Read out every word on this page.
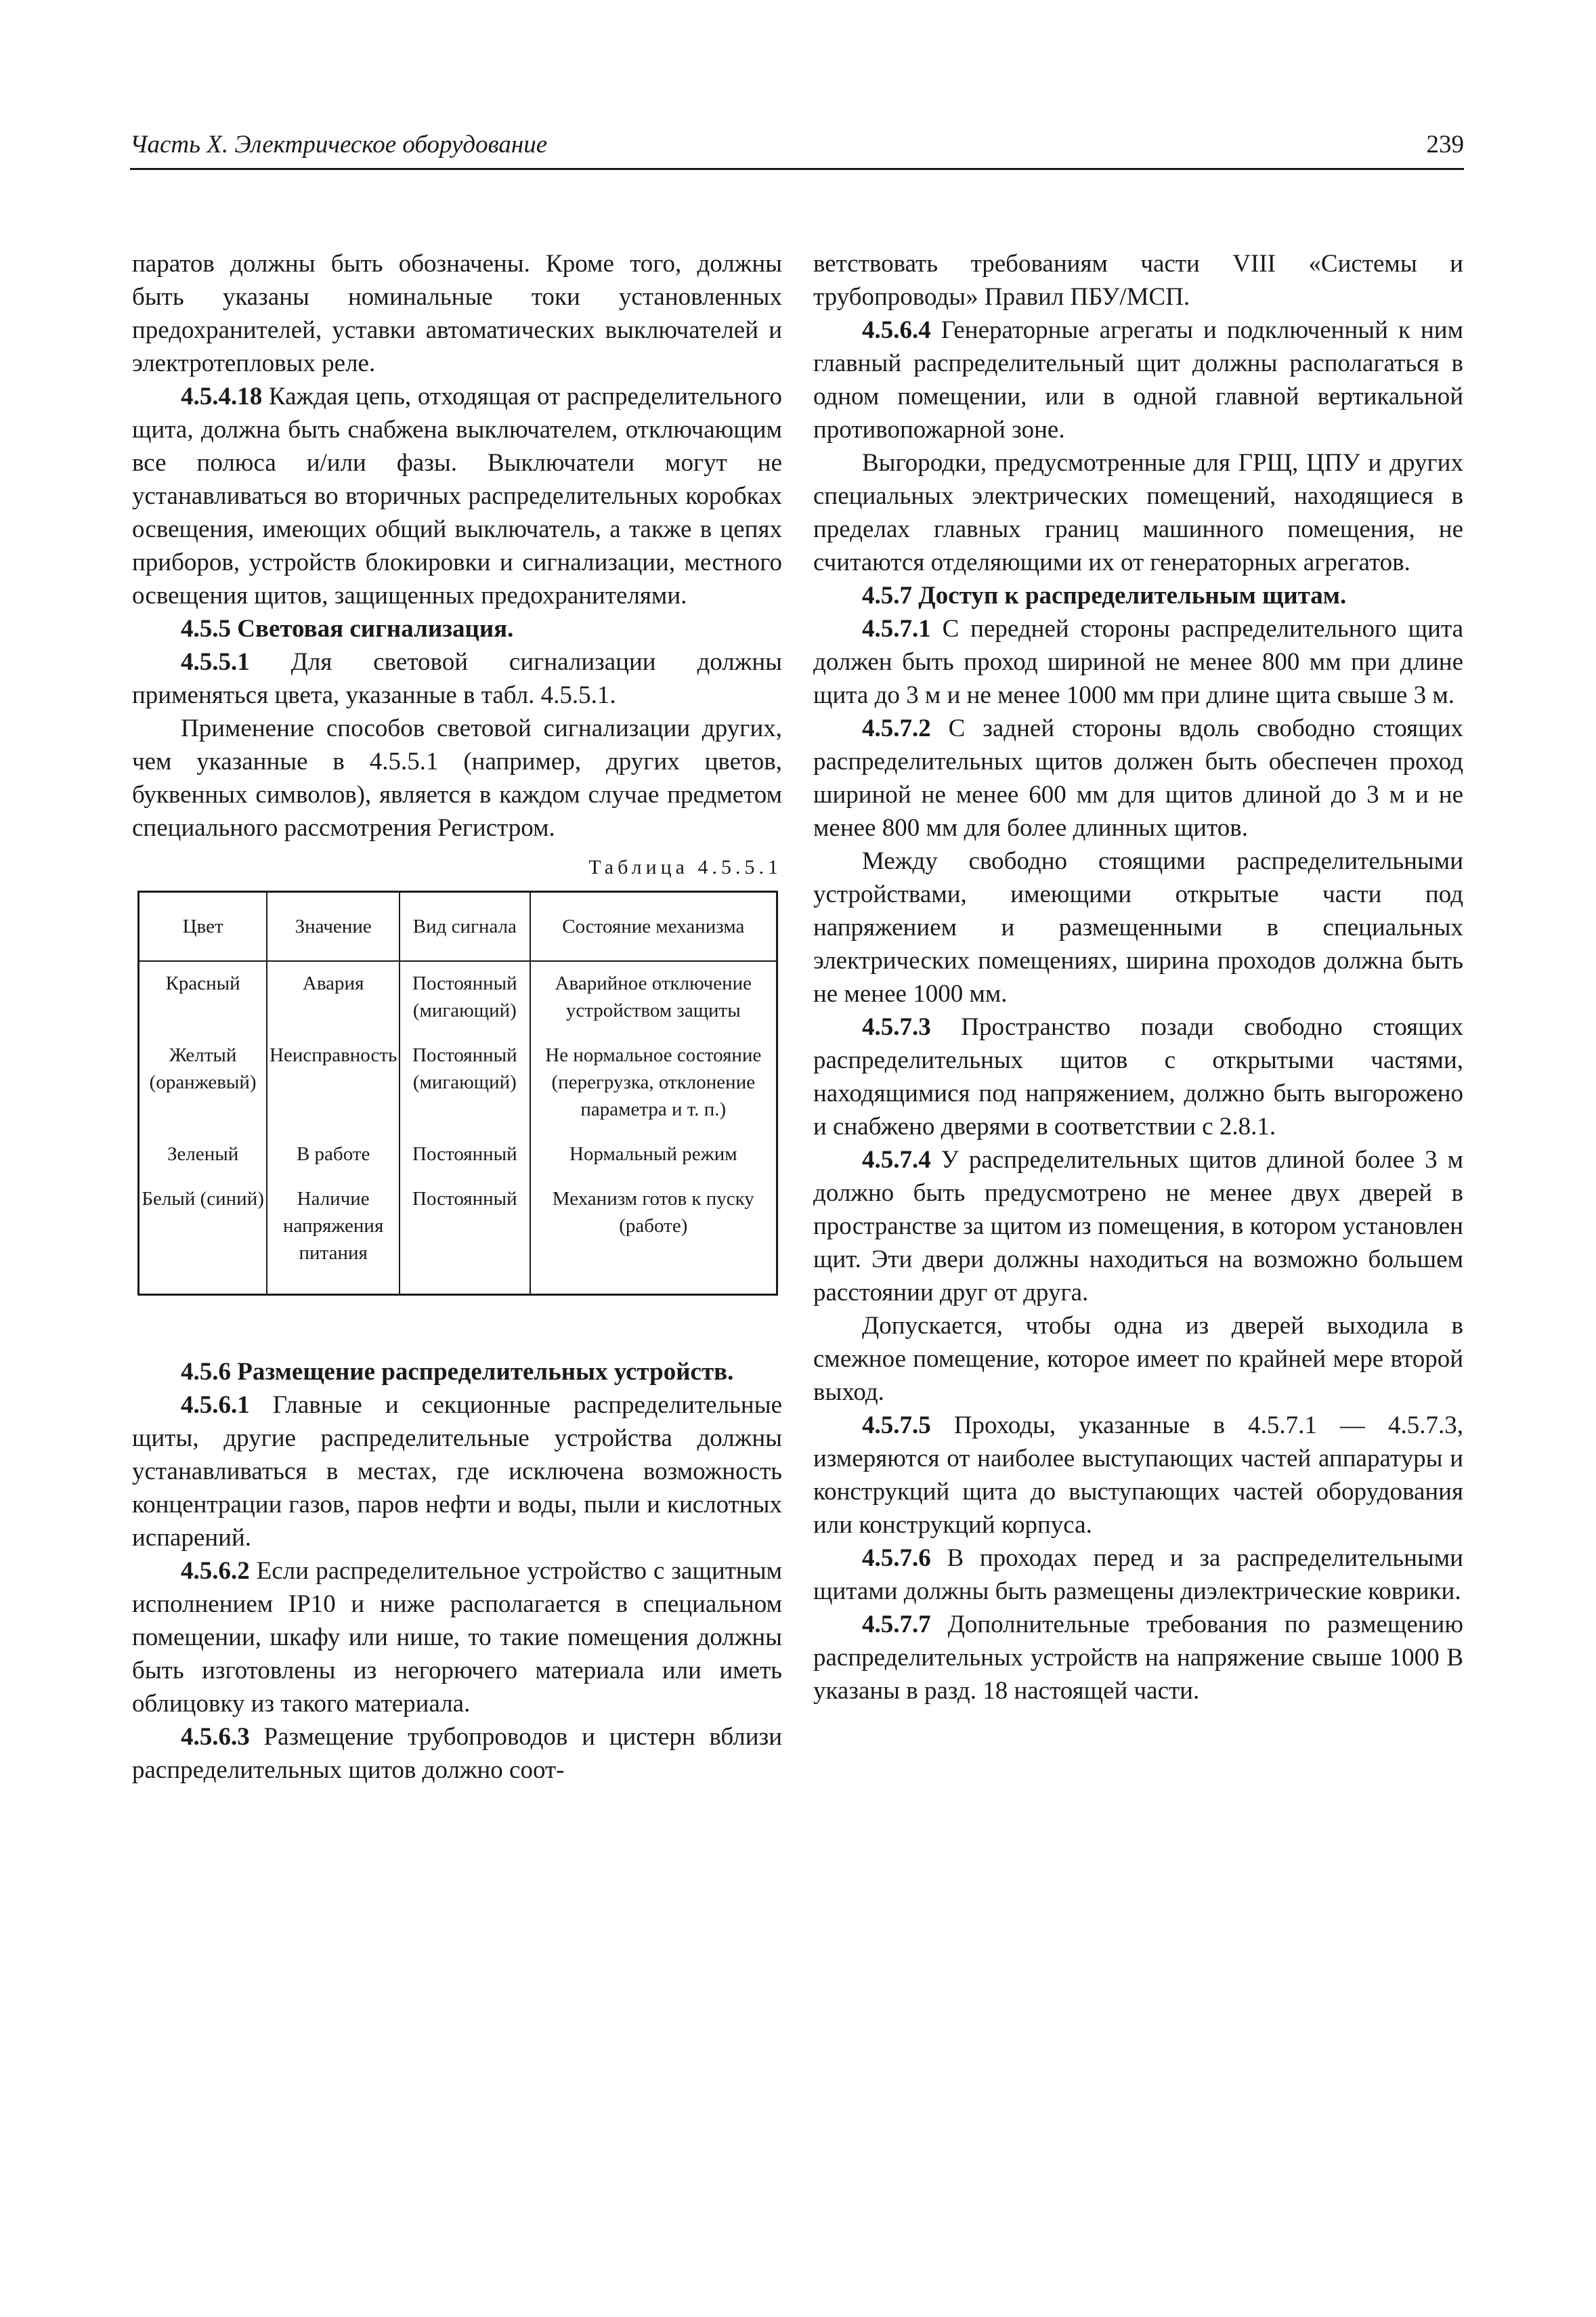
Часть X. Электрическое оборудование	239

паратов должны быть обозначены. Кроме того, должны быть указаны номинальные токи установленных предохранителей, уставки автоматических выключателей и электротепловых реле.

4.5.4.18 Каждая цепь, отходящая от распределительного щита, должна быть снабжена выключателем, отключающим все полюса и/или фазы. Выключатели могут не устанавливаться во вторичных распределительных коробках освещения, имеющих общий выключатель, а также в цепях приборов, устройств блокировки и сигнализации, местного освещения щитов, защищенных предохранителями.

4.5.5 Световая сигнализация.

4.5.5.1 Для световой сигнализации должны применяться цвета, указанные в табл. 4.5.5.1.

Применение способов световой сигнализации других, чем указанные в 4.5.5.1 (например, других цветов, буквенных символов), является в каждом случае предметом специального рассмотрения Регистром.

Таблица 4.5.5.1
Цвет	Значение	Вид сигнала	Состояние механизма
Красный	Авария	Постоянный (мигающий)	Аварийное отключение устройством защиты
Желтый (оранжевый)	Неисправность	Постоянный (мигающий)	Не нормальное состояние (перегрузка, отклонение параметра и т. п.)
Зеленый	В работе	Постоянный	Нормальный режим
Белый (синий)	Наличие напряжения питания	Постоянный	Механизм готов к пуску (работе)

4.5.6 Размещение распределительных устройств.

4.5.6.1 Главные и секционные распределительные щиты, другие распределительные устройства должны устанавливаться в местах, где исключена возможность концентрации газов, паров нефти и воды, пыли и кислотных испарений.

4.5.6.2 Если распределительное устройство с защитным исполнением IP10 и ниже располагается в специальном помещении, шкафу или нише, то такие помещения должны быть изготовлены из негорючего материала или иметь облицовку из такого материала.

4.5.6.3 Размещение трубопроводов и цистерн вблизи распределительных щитов должно соот-

ветствовать требованиям части VIII «Системы и трубопроводы» Правил ПБУ/МСП.

4.5.6.4 Генераторные агрегаты и подключенный к ним главный распределительный щит должны располагаться в одном помещении, или в одной главной вертикальной противопожарной зоне.

Выгородки, предусмотренные для ГРЩ, ЦПУ и других специальных электрических помещений, находящиеся в пределах главных границ машинного помещения, не считаются отделяющими их от генераторных агрегатов.

4.5.7 Доступ к распределительным щитам.

4.5.7.1 С передней стороны распределительного щита должен быть проход шириной не менее 800 мм при длине щита до 3 м и не менее 1000 мм при длине щита свыше 3 м.

4.5.7.2 С задней стороны вдоль свободно стоящих распределительных щитов должен быть обеспечен проход шириной не менее 600 мм для щитов длиной до 3 м и не менее 800 мм для более длинных щитов.

Между свободно стоящими распределительными устройствами, имеющими открытые части под напряжением и размещенными в специальных электрических помещениях, ширина проходов должна быть не менее 1000 мм.

4.5.7.3 Пространство позади свободно стоящих распределительных щитов с открытыми частями, находящимися под напряжением, должно быть выгорожено и снабжено дверями в соответствии с 2.8.1.

4.5.7.4 У распределительных щитов длиной более 3 м должно быть предусмотрено не менее двух дверей в пространстве за щитом из помещения, в котором установлен щит. Эти двери должны находиться на возможно большем расстоянии друг от друга.

Допускается, чтобы одна из дверей выходила в смежное помещение, которое имеет по крайней мере второй выход.

4.5.7.5 Проходы, указанные в 4.5.7.1 — 4.5.7.3, измеряются от наиболее выступающих частей аппаратуры и конструкций щита до выступающих частей оборудования или конструкций корпуса.

4.5.7.6 В проходах перед и за распределительными щитами должны быть размещены диэлектрические коврики.

4.5.7.7 Дополнительные требования по размещению распределительных устройств на напряжение свыше 1000 В указаны в разд. 18 настоящей части.
